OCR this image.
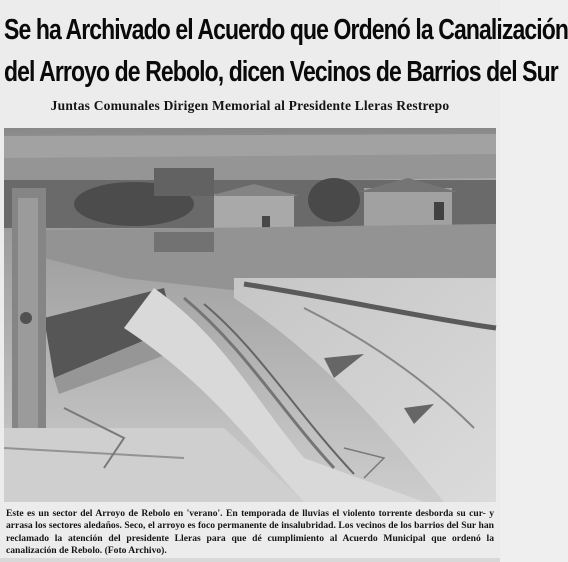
Se ha Archivado el Acuerdo que Ordenó la Canalización
del Arroyo de Rebolo, dicen Vecinos de Barrios del Sur
Juntas Comunales Dirigen Memorial al Presidente Lleras Restrepo

Este es un sector del Arroyo de Rebolo en 'verano'. En temporada de lluvias el violento torrente desborda su cur- y arrasa los sectores aledaños. Seco, el arroyo es foco permanente de insalubridad. Los vecinos de los barrios del Sur han reclamado la atención del presidente Lleras para que dé cumplimiento al Acuerdo Municipal que ordenó la canalización de Rebolo. (Foto Archivo).
